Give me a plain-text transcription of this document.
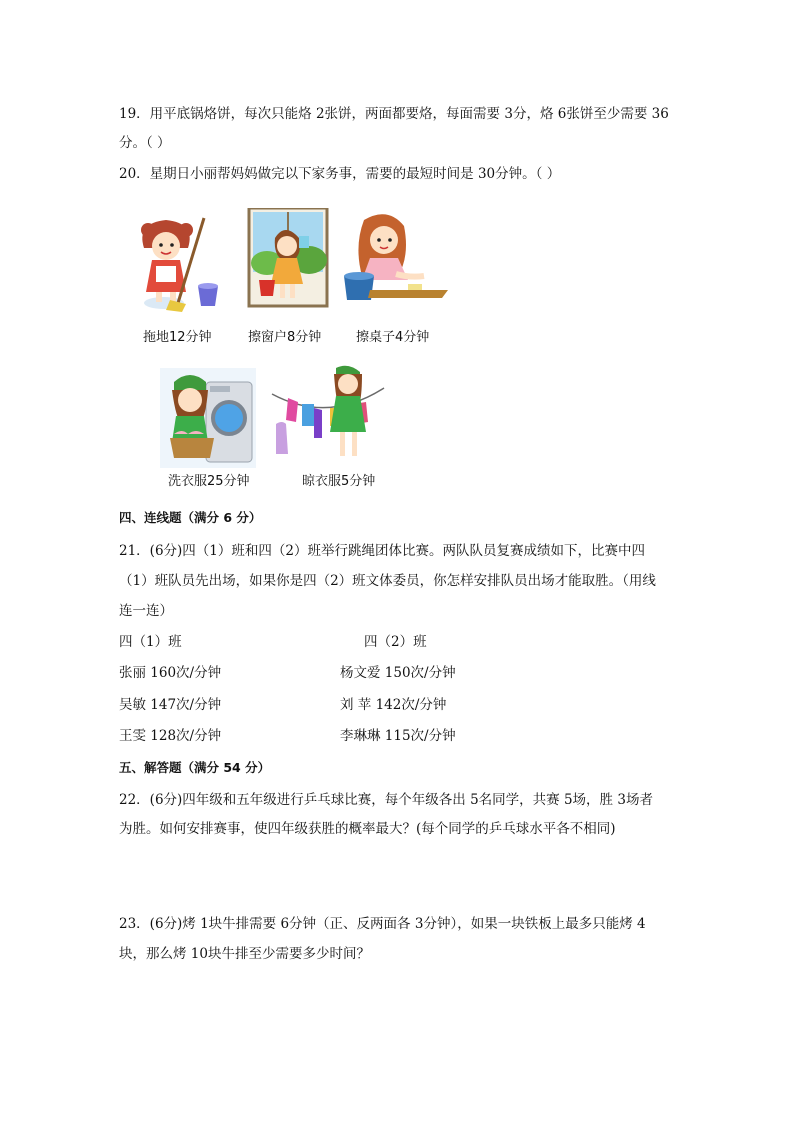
19．用平底锅烙饼，每次只能烙 2张饼，两面都要烙，每面需要 3分，烙 6张饼至少需要 36
分。（ ）
20．星期日小丽帮妈妈做完以下家务事，需要的最短时间是 30分钟。（ ）
拖地12分钟	擦窗户8分钟	擦桌子4分钟
洗衣服25分钟	晾衣服5分钟
四、连线题（满分 6 分）
21．(6分)四（1）班和四（2）班举行跳绳团体比赛。两队队员复赛成绩如下，比赛中四
（1）班队员先出场，如果你是四（2）班文体委员，你怎样安排队员出场才能取胜。（用线
连一连）
四（1）班	四（2）班
张丽 160次/分钟	杨文爱 150次/分钟
吴敏 147次/分钟	刘 苹 142次/分钟
王雯 128次/分钟	李琳琳 115次/分钟
五、解答题（满分 54 分）
22．(6分)四年级和五年级进行乒乓球比赛，每个年级各出 5名同学，共赛 5场，胜 3场者
为胜。如何安排赛事，使四年级获胜的概率最大？(每个同学的乒乓球水平各不相同)
23．(6分)烤 1块牛排需要 6分钟（正、反两面各 3分钟），如果一块铁板上最多只能烤 4
块，那么烤 10块牛排至少需要多少时间？
